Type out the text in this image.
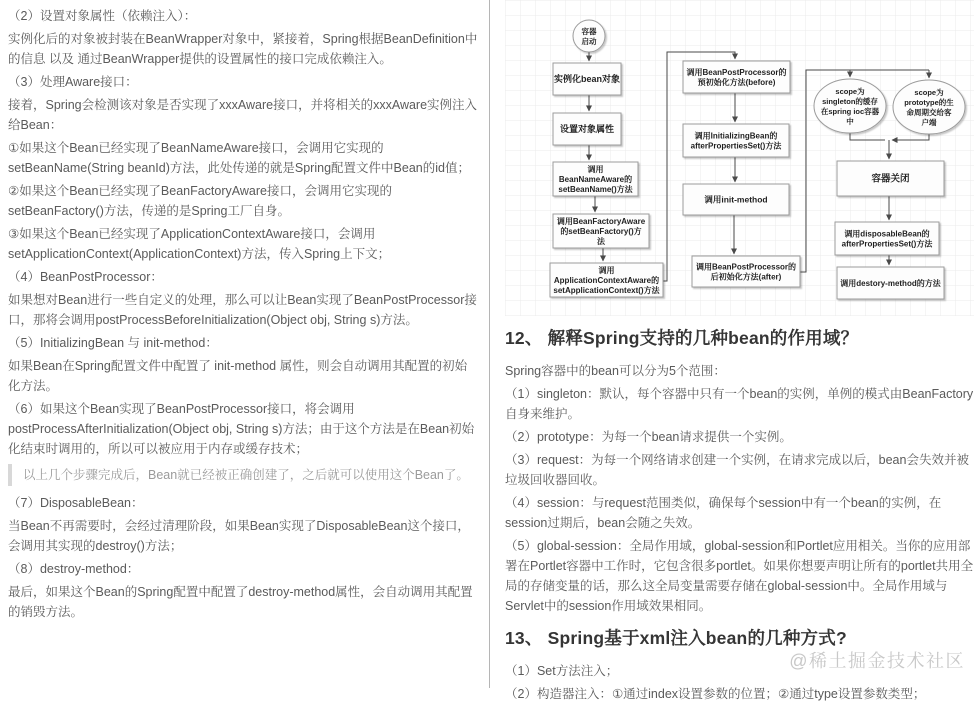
（2）设置对象属性（依赖注入）：

实例化后的对象被封装在BeanWrapper对象中，紧接着，Spring根据BeanDefinition中的信息 以及 通过BeanWrapper提供的设置属性的接口完成依赖注入。

（3）处理Aware接口：

接着，Spring会检测该对象是否实现了xxxAware接口，并将相关的xxxAware实例注入给Bean：

①如果这个Bean已经实现了BeanNameAware接口，会调用它实现的setBeanName(String beanId)方法，此处传递的就是Spring配置文件中Bean的id值；

②如果这个Bean已经实现了BeanFactoryAware接口，会调用它实现的setBeanFactory()方法，传递的是Spring工厂自身。

③如果这个Bean已经实现了ApplicationContextAware接口，会调用setApplicationContext(ApplicationContext)方法，传入Spring上下文；

（4）BeanPostProcessor：

如果想对Bean进行一些自定义的处理，那么可以让Bean实现了BeanPostProcessor接口，那将会调用postProcessBeforeInitialization(Object obj, String s)方法。

（5）InitializingBean 与 init-method：

如果Bean在Spring配置文件中配置了 init-method 属性，则会自动调用其配置的初始化方法。

（6）如果这个Bean实现了BeanPostProcessor接口，将会调用postProcessAfterInitialization(Object obj, String s)方法；由于这个方法是在Bean初始化结束时调用的，所以可以被应用于内存或缓存技术；

以上几个步骤完成后，Bean就已经被正确创建了，之后就可以使用这个Bean了。

（7）DisposableBean：

当Bean不再需要时，会经过清理阶段，如果Bean实现了DisposableBean这个接口，会调用其实现的destroy()方法；

（8）destroy-method：

最后，如果这个Bean的Spring配置中配置了destroy-method属性，会自动调用其配置的销毁方法。

容器启动
实例化bean对象
设置对象属性
调用 BeanNameAware的 setBeanName()方法
调用BeanFactoryAware 的setBeanFactory()方法
调用 ApplicationContextAware的 setApplicationContext()方法
调用BeanPostProcessor的预初始化方法(before)
调用InitializingBean的 afterPropertiesSet()方法
调用init-method
调用BeanPostProcessor的后初始化方法(after)
scope为 singleton的缓存在spring ioc容器中
scope为 prototype的生命周期交给客户端
容器关闭
调用disposableBean的 afterPropertiesSet()方法
调用destory-method的方法
12、 解释Spring支持的几种bean的作用域？

Spring容器中的bean可以分为5个范围：

（1）singleton：默认，每个容器中只有一个bean的实例，单例的模式由BeanFactory自身来维护。

（2）prototype：为每一个bean请求提供一个实例。

（3）request：为每一个网络请求创建一个实例，在请求完成以后，bean会失效并被垃圾回收器回收。

（4）session：与request范围类似，确保每个session中有一个bean的实例，在session过期后，bean会随之失效。

（5）global-session：全局作用域，global-session和Portlet应用相关。当你的应用部署在Portlet容器中工作时，它包含很多portlet。如果你想要声明让所有的portlet共用全局的存储变量的话，那么这全局变量需要存储在global-session中。全局作用域与Servlet中的session作用域效果相同。

13、 Spring基于xml注入bean的几种方式?

（1）Set方法注入；

（2）构造器注入：①通过index设置参数的位置；②通过type设置参数类型；

@稀土掘金技术社区
